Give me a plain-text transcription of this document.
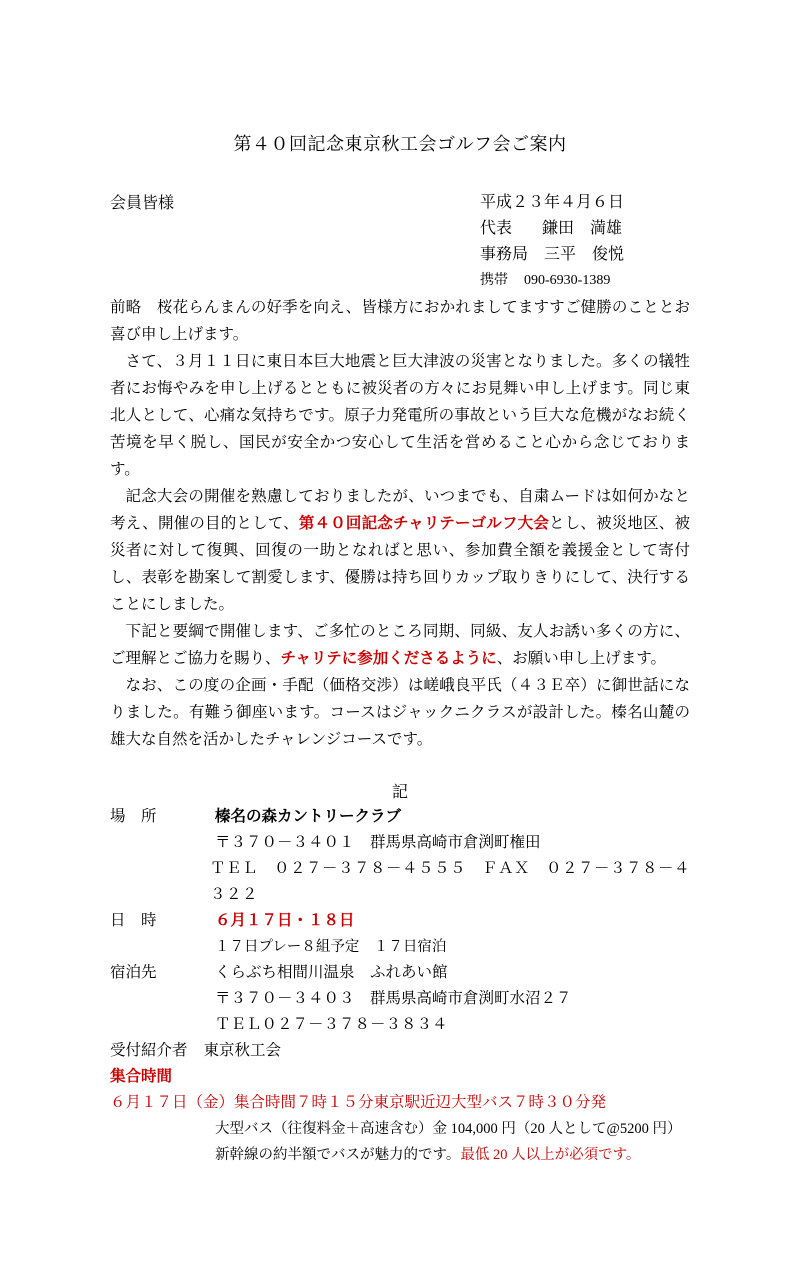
第４０回記念東京秋工会ゴルフ会ご案内
会員皆様	平成２３年４月６日
代表 鎌田　満雄
事務局 三平　俊悦
携帯 090-6930-1389

前略　桜花らんまんの好季を向え、皆様方におかれましてますすご健勝のこととお喜び申し上げます。

さて、３月１１日に東日本巨大地震と巨大津波の災害となりました。多くの犠牲者にお悔やみを申し上げるとともに被災者の方々にお見舞い申し上げます。同じ東北人として、心痛な気持ちです。原子力発電所の事故という巨大な危機がなお続く苦境を早く脱し、国民が安全かつ安心して生活を営めること心から念じております。

記念大会の開催を熟慮しておりましたが、いつまでも、自粛ムードは如何かなと考え、開催の目的として、第４０回記念チャリテーゴルフ大会とし、被災地区、被災者に対して復興、回復の一助となればと思い、参加費全額を義援金として寄付し、表彰を勘案して割愛します、優勝は持ち回りカップ取りきりにして、決行することにしました。

下記と要綱で開催します、ご多忙のところ同期、同級、友人お誘い多くの方に、ご理解とご協力を賜り、チャリテに参加くださるように、お願い申し上げます。

なお、この度の企画・手配（価格交渉）は嵯峨良平氏（４３Ｅ卒）に御世話になりました。有難う御座います。コースはジャックニクラスが設計した。榛名山麓の雄大な自然を活かしたチャレンジコースです。

記
場　所	榛名の森カントリークラブ
〒３７０－３４０１　群馬県高崎市倉渕町権田
ＴＥＬ　０２７－３７８－４５５５　ＦＡＸ　０２７－３７８－４３２２
日　時	６月１７日・１８日
１７日プレー８組予定　１７日宿泊
宿泊先	くらぶち相間川温泉　ふれあい館
〒３７０－３４０３　群馬県高崎市倉渕町水沼２７
ＴＥＬ０２７－３７８－３８３４
受付紹介者 東京秋工会
集合時間
６月１７日（金）集合時間７時１５分東京駅近辺大型バス７時３０分発
大型バス（往復料金＋高速含む）金 104,000 円（20 人として@5200 円）
新幹線の約半額でバスが魅力的です。最低 20 人以上が必須です。
